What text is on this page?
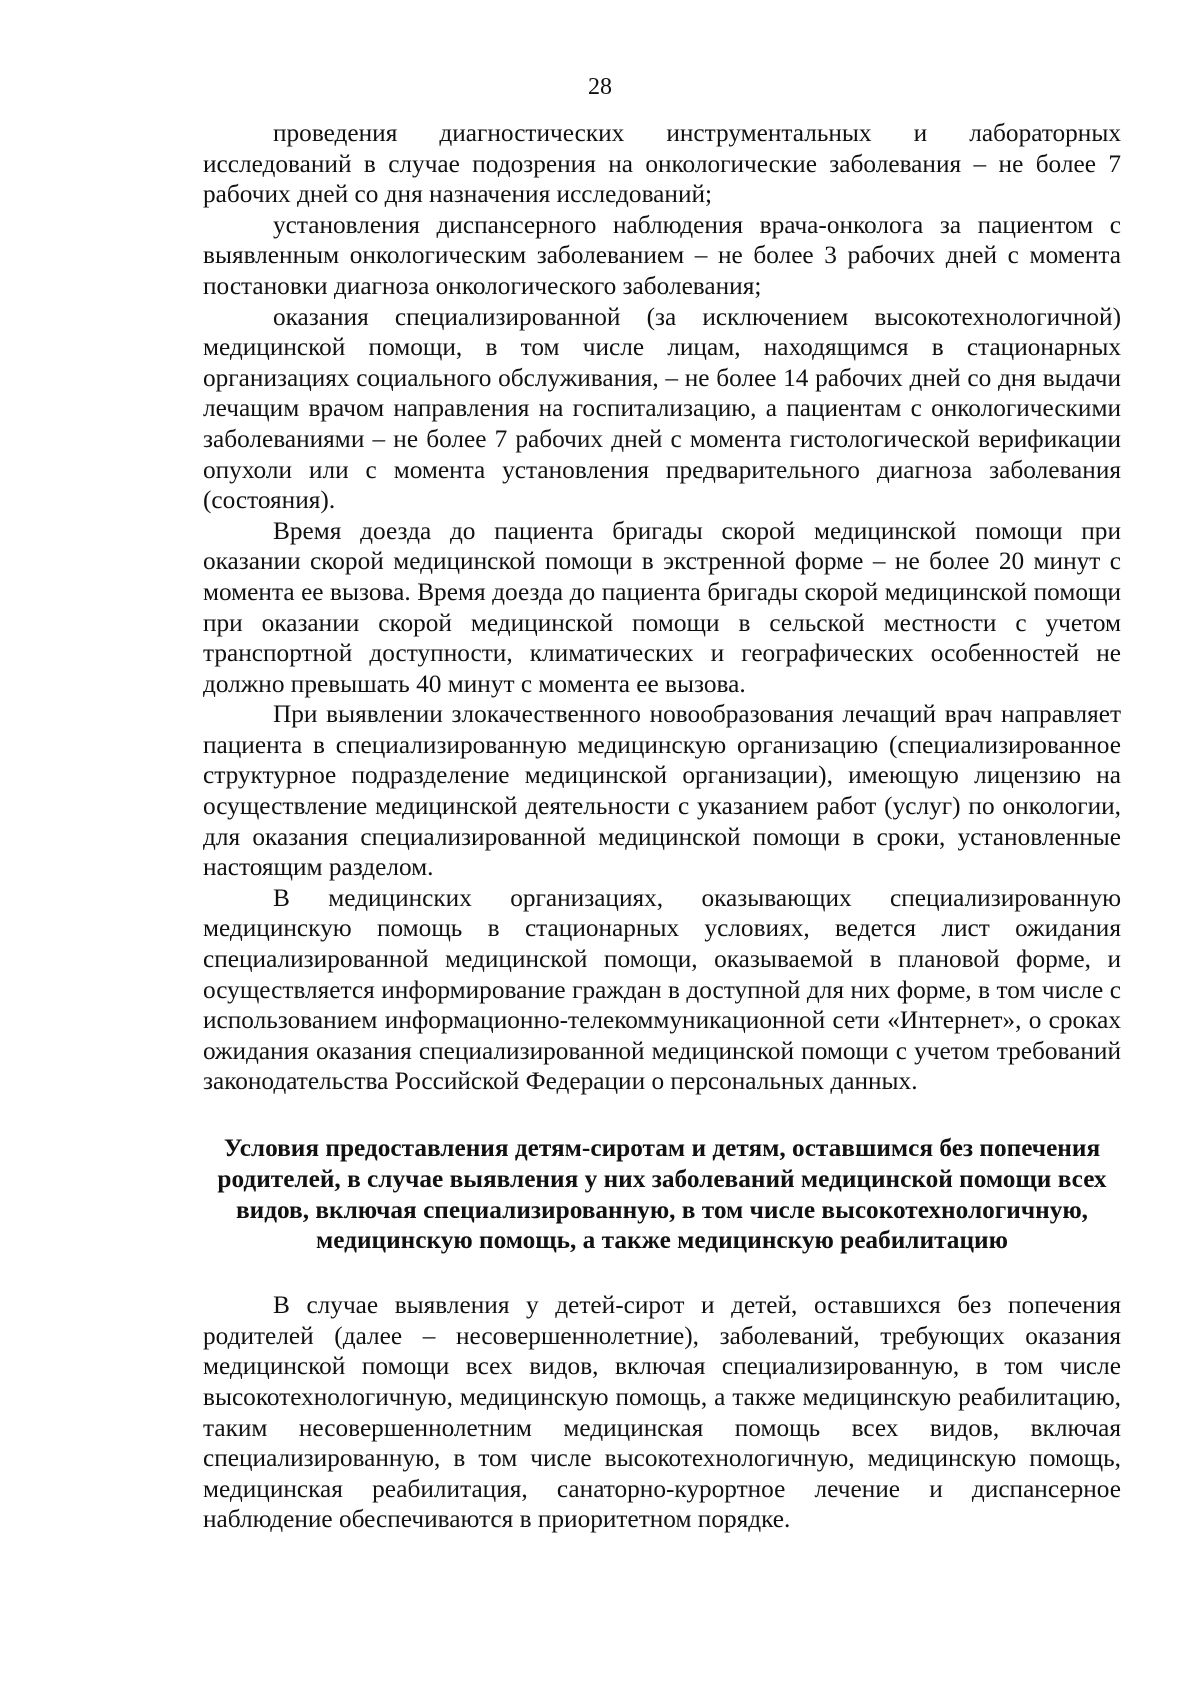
28

проведения диагностических инструментальных и лабораторных исследований в случае подозрения на онкологические заболевания – не более 7 рабочих дней со дня назначения исследований;

установления диспансерного наблюдения врача-онколога за пациентом с выявленным онкологическим заболеванием – не более 3 рабочих дней с момента постановки диагноза онкологического заболевания;

оказания специализированной (за исключением высокотехнологичной) медицинской помощи, в том числе лицам, находящимся в стационарных организациях социального обслуживания, – не более 14 рабочих дней со дня выдачи лечащим врачом направления на госпитализацию, а пациентам с онкологическими заболеваниями – не более 7 рабочих дней с момента гистологической верификации опухоли или с момента установления предварительного диагноза заболевания (состояния).

Время доезда до пациента бригады скорой медицинской помощи при оказании скорой медицинской помощи в экстренной форме – не более 20 минут с момента ее вызова. Время доезда до пациента бригады скорой медицинской помощи при оказании скорой медицинской помощи в сельской местности с учетом транспортной доступности, климатических и географических особенностей не должно превышать 40 минут с момента ее вызова.

При выявлении злокачественного новообразования лечащий врач направляет пациента в специализированную медицинскую организацию (специализированное структурное подразделение медицинской организации), имеющую лицензию на осуществление медицинской деятельности с указанием работ (услуг) по онкологии, для оказания специализированной медицинской помощи в сроки, установленные настоящим разделом.

В медицинских организациях, оказывающих специализированную медицинскую помощь в стационарных условиях, ведется лист ожидания специализированной медицинской помощи, оказываемой в плановой форме, и осуществляется информирование граждан в доступной для них форме, в том числе с использованием информационно-телекоммуникационной сети «Интернет», о сроках ожидания оказания специализированной медицинской помощи с учетом требований законодательства Российской Федерации о персональных данных.

Условия предоставления детям-сиротам и детям, оставшимся без попечения
родителей, в случае выявления у них заболеваний медицинской помощи всех
видов, включая специализированную, в том числе высокотехнологичную,
медицинскую помощь, а также медицинскую реабилитацию

В случае выявления у детей-сирот и детей, оставшихся без попечения родителей (далее – несовершеннолетние), заболеваний, требующих оказания медицинской помощи всех видов, включая специализированную, в том числе высокотехнологичную, медицинскую помощь, а также медицинскую реабилитацию, таким несовершеннолетним медицинская помощь всех видов, включая специализированную, в том числе высокотехнологичную, медицинскую помощь, медицинская реабилитация, санаторно-курортное лечение и диспансерное наблюдение обеспечиваются в приоритетном порядке.
